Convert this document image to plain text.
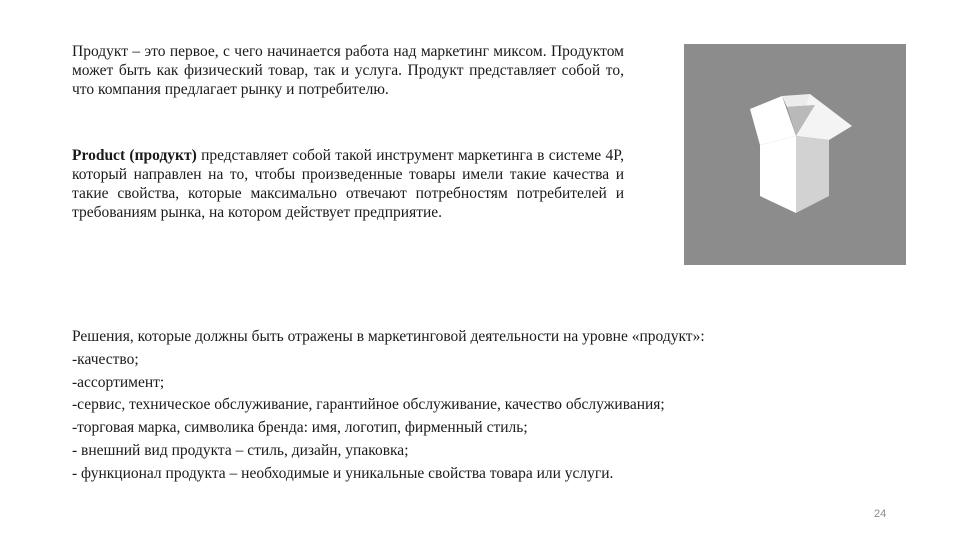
Продукт – это первое, с чего начинается работа над маркетинг миксом. Продуктом может быть как физический товар, так и услуга. Продукт представляет собой то, что компания предлагает рынку и потребителю.

Product (продукт) представляет собой такой инструмент маркетинга в системе 4P, который направлен на то, чтобы произведенные товары имели такие качества и такие свойства, которые максимально отвечают потребностям потребителей и требованиям рынка, на котором действует предприятие.

Решения, которые должны быть отражены в маркетинговой деятельности на уровне «продукт»:
-качество;
-ассортимент;
-сервис, техническое обслуживание, гарантийное обслуживание, качество обслуживания;
-торговая марка, символика бренда: имя, логотип, фирменный стиль;
- внешний вид продукта – стиль, дизайн, упаковка;
- функционал продукта – необходимые и уникальные свойства товара или услуги.
24
